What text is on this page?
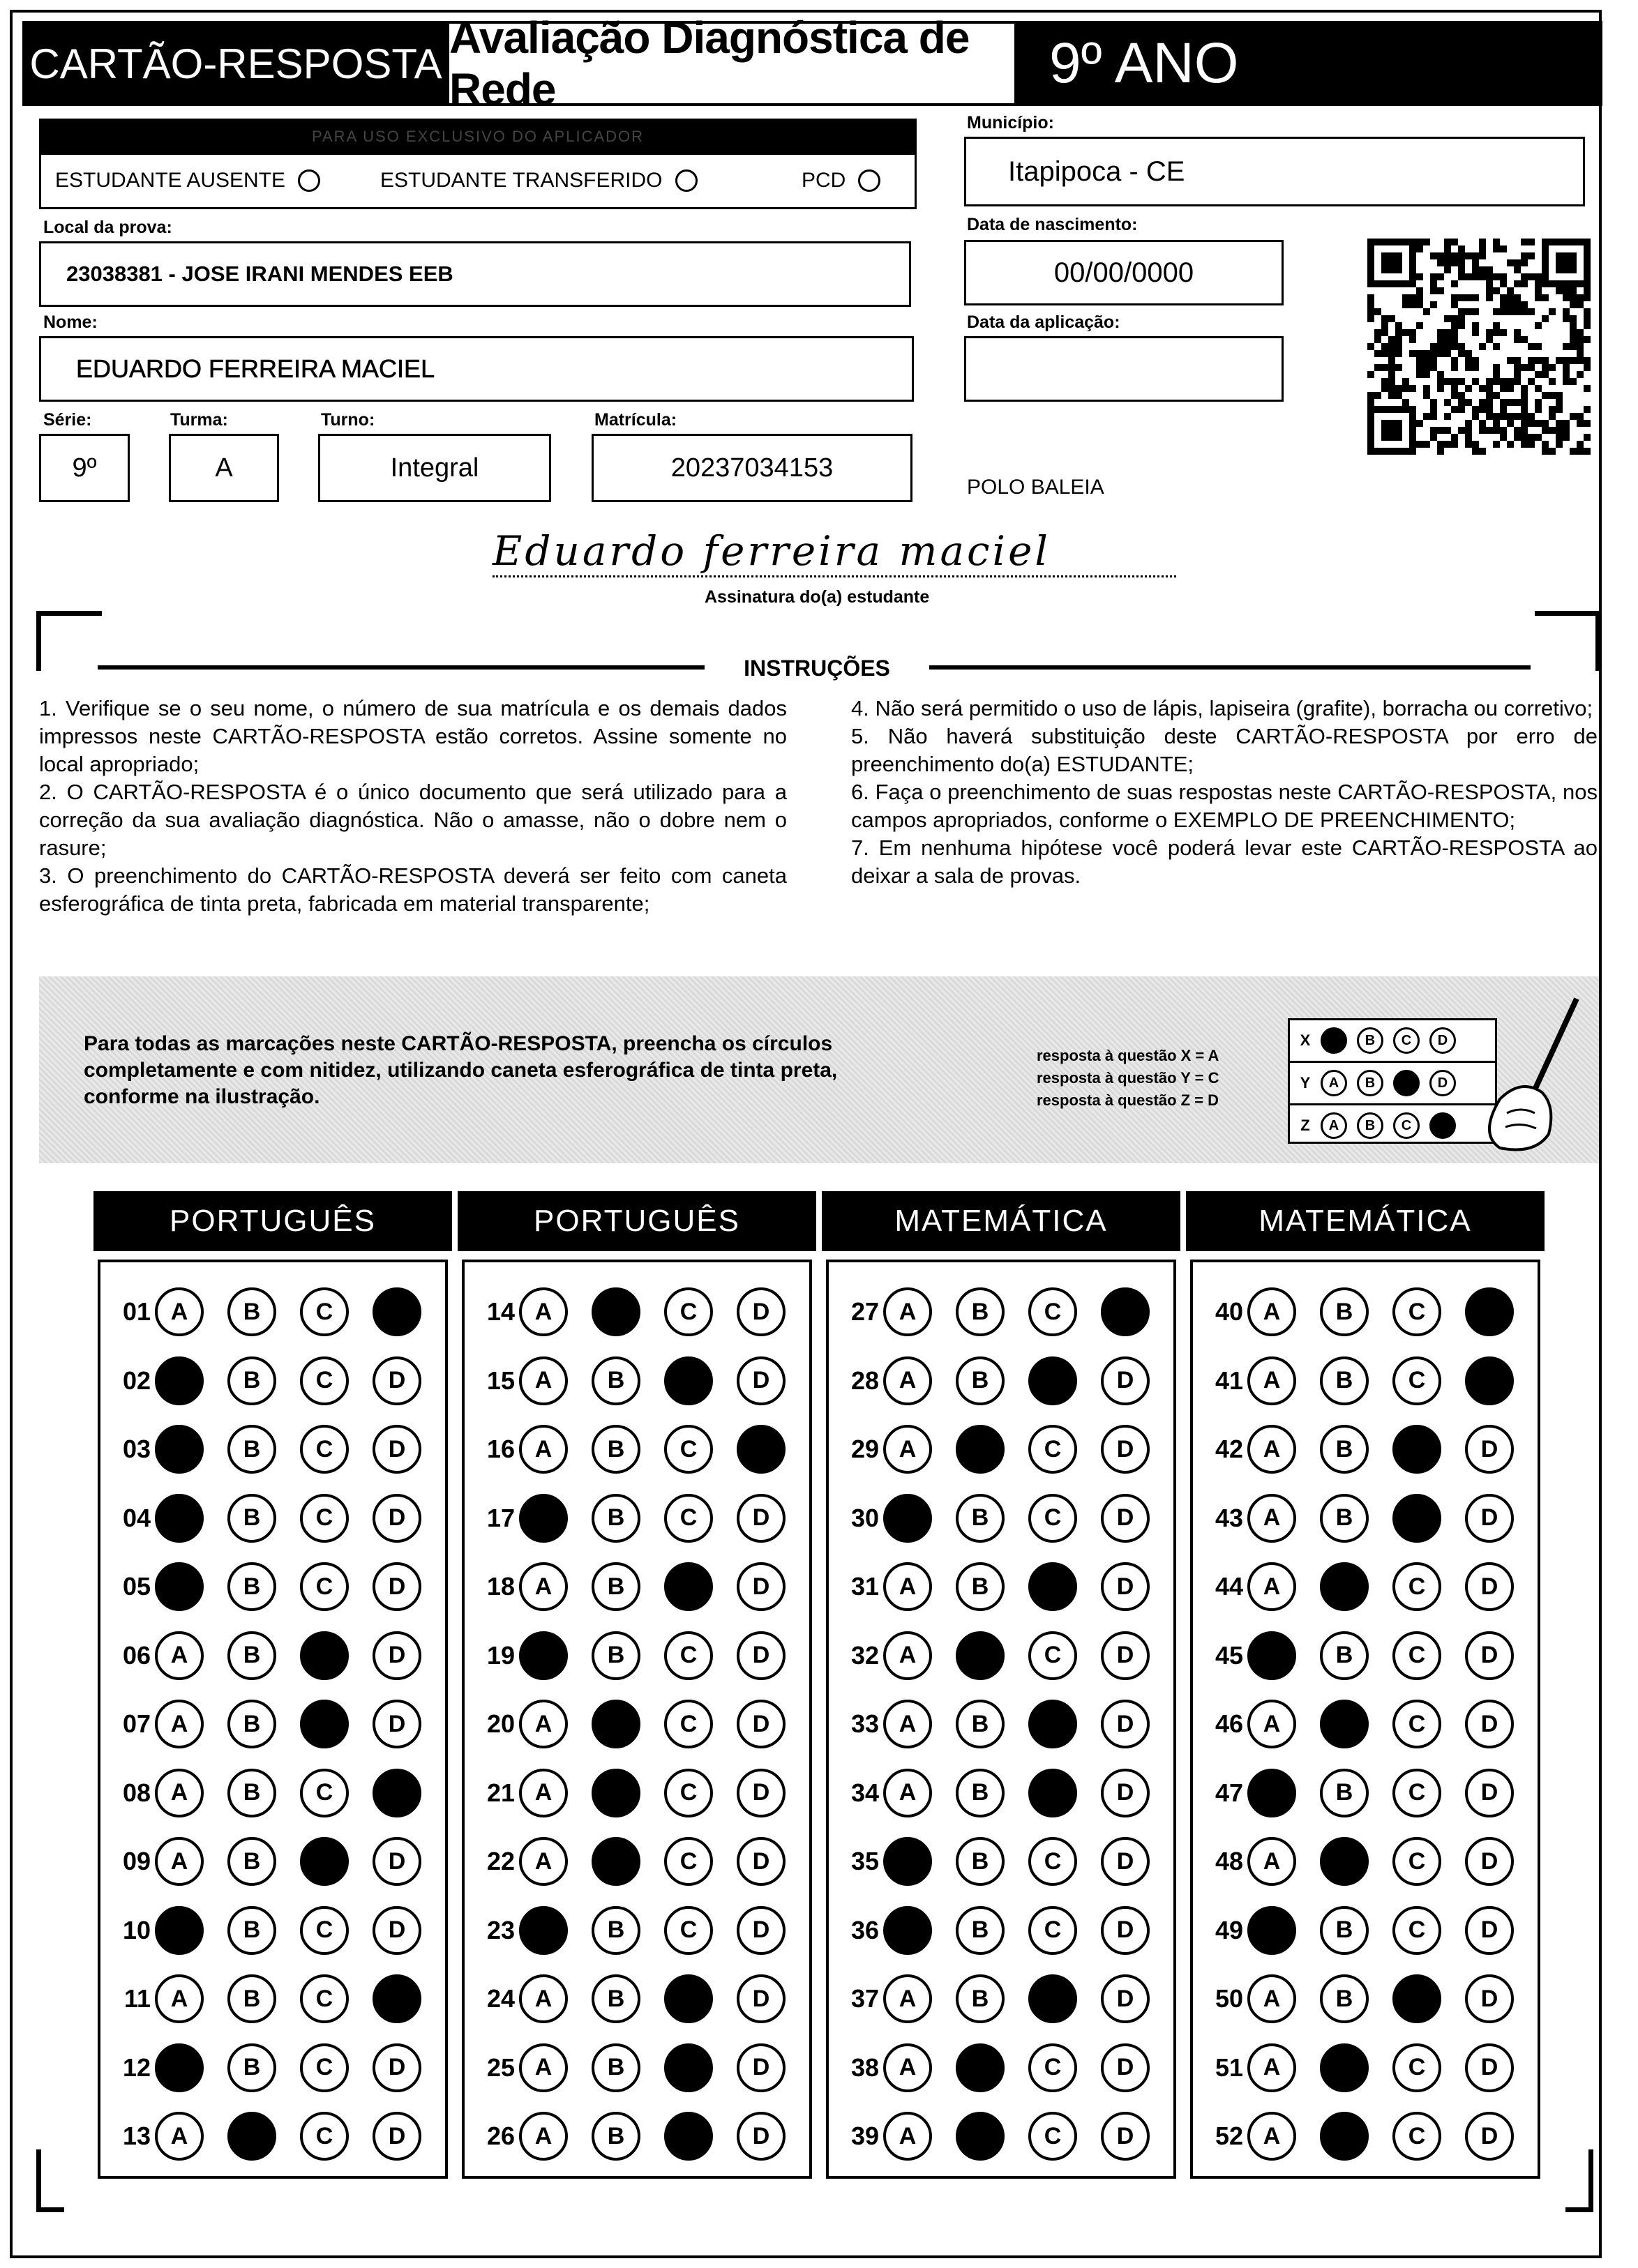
CARTÃO-RESPOSTA
Avaliação Diagnóstica de Rede	9º ANO
PARA USO EXCLUSIVO DO APLICADOR
ESTUDANTE AUSENTE	ESTUDANTE TRANSFERIDO	PCD
Local da prova:
23038381 - JOSE IRANI MENDES EEB
Nome:
EDUARDO FERREIRA MACIEL
Série:
9º
Turma:
A
Turno:
Integral
Matrícula:
20237034153
Município:
Itapipoca - CE
Data de nascimento:
00/00/0000
Data da aplicação:
POLO BALEIA
Eduardo ferreira maciel
Assinatura do(a) estudante
INSTRUÇÕES

1. Verifique se o seu nome, o número de sua matrícula e os demais dados impressos neste CARTÃO-RESPOSTA estão corretos. Assine somente no local apropriado;

2. O CARTÃO-RESPOSTA é o único documento que será utilizado para a correção da sua avaliação diagnóstica. Não o amasse, não o dobre nem o rasure;

3. O preenchimento do CARTÃO-RESPOSTA deverá ser feito com caneta esferográfica de tinta preta, fabricada em material transparente;

4. Não será permitido o uso de lápis, lapiseira (grafite), borracha ou corretivo;

5. Não haverá substituição deste CARTÃO-RESPOSTA por erro de preenchimento do(a) ESTUDANTE;

6. Faça o preenchimento de suas respostas neste CARTÃO-RESPOSTA, nos campos apropriados, conforme o EXEMPLO DE PREENCHIMENTO;

7. Em nenhuma hipótese você poderá levar este CARTÃO-RESPOSTA ao deixar a sala de provas.

Para todas as marcações neste CARTÃO-RESPOSTA, preencha os círculos completamente e com nitidez, utilizando caneta esferográfica de tinta preta, conforme na ilustração.
resposta à questão X = A
resposta à questão Y = C
resposta à questão Z = D
X	B	C	D
Y	A	B	D
Z	A	B	C
PORTUGUÊS
01 A	B	C
02	B	C	D
03	B	C	D
04	B	C	D
05	B	C	D
06 A	B	D
07 A	B	D
08 A	B	C
09 A	B	D
10	B	C	D
11 A	B	C
12	B	C	D
13 A	C	D
PORTUGUÊS
14 A	C	D
15 A	B	D
16 A	B	C
17	B	C	D
18 A	B	D
19	B	C	D
20 A	C	D
21 A	C	D
22 A	C	D
23	B	C	D
24 A	B	D
25 A	B	D
26 A	B	D
MATEMÁTICA
27 A	B	C
28 A	B	D
29 A	C	D
30	B	C	D
31 A	B	D
32 A	C	D
33 A	B	D
34 A	B	D
35	B	C	D
36	B	C	D
37 A	B	D
38 A	C	D
39 A	C	D
MATEMÁTICA
40 A	B	C
41 A	B	C
42 A	B	D
43 A	B	D
44 A	C	D
45	B	C	D
46 A	C	D
47	B	C	D
48 A	C	D
49	B	C	D
50 A	B	D
51 A	C	D
52 A	C	D
